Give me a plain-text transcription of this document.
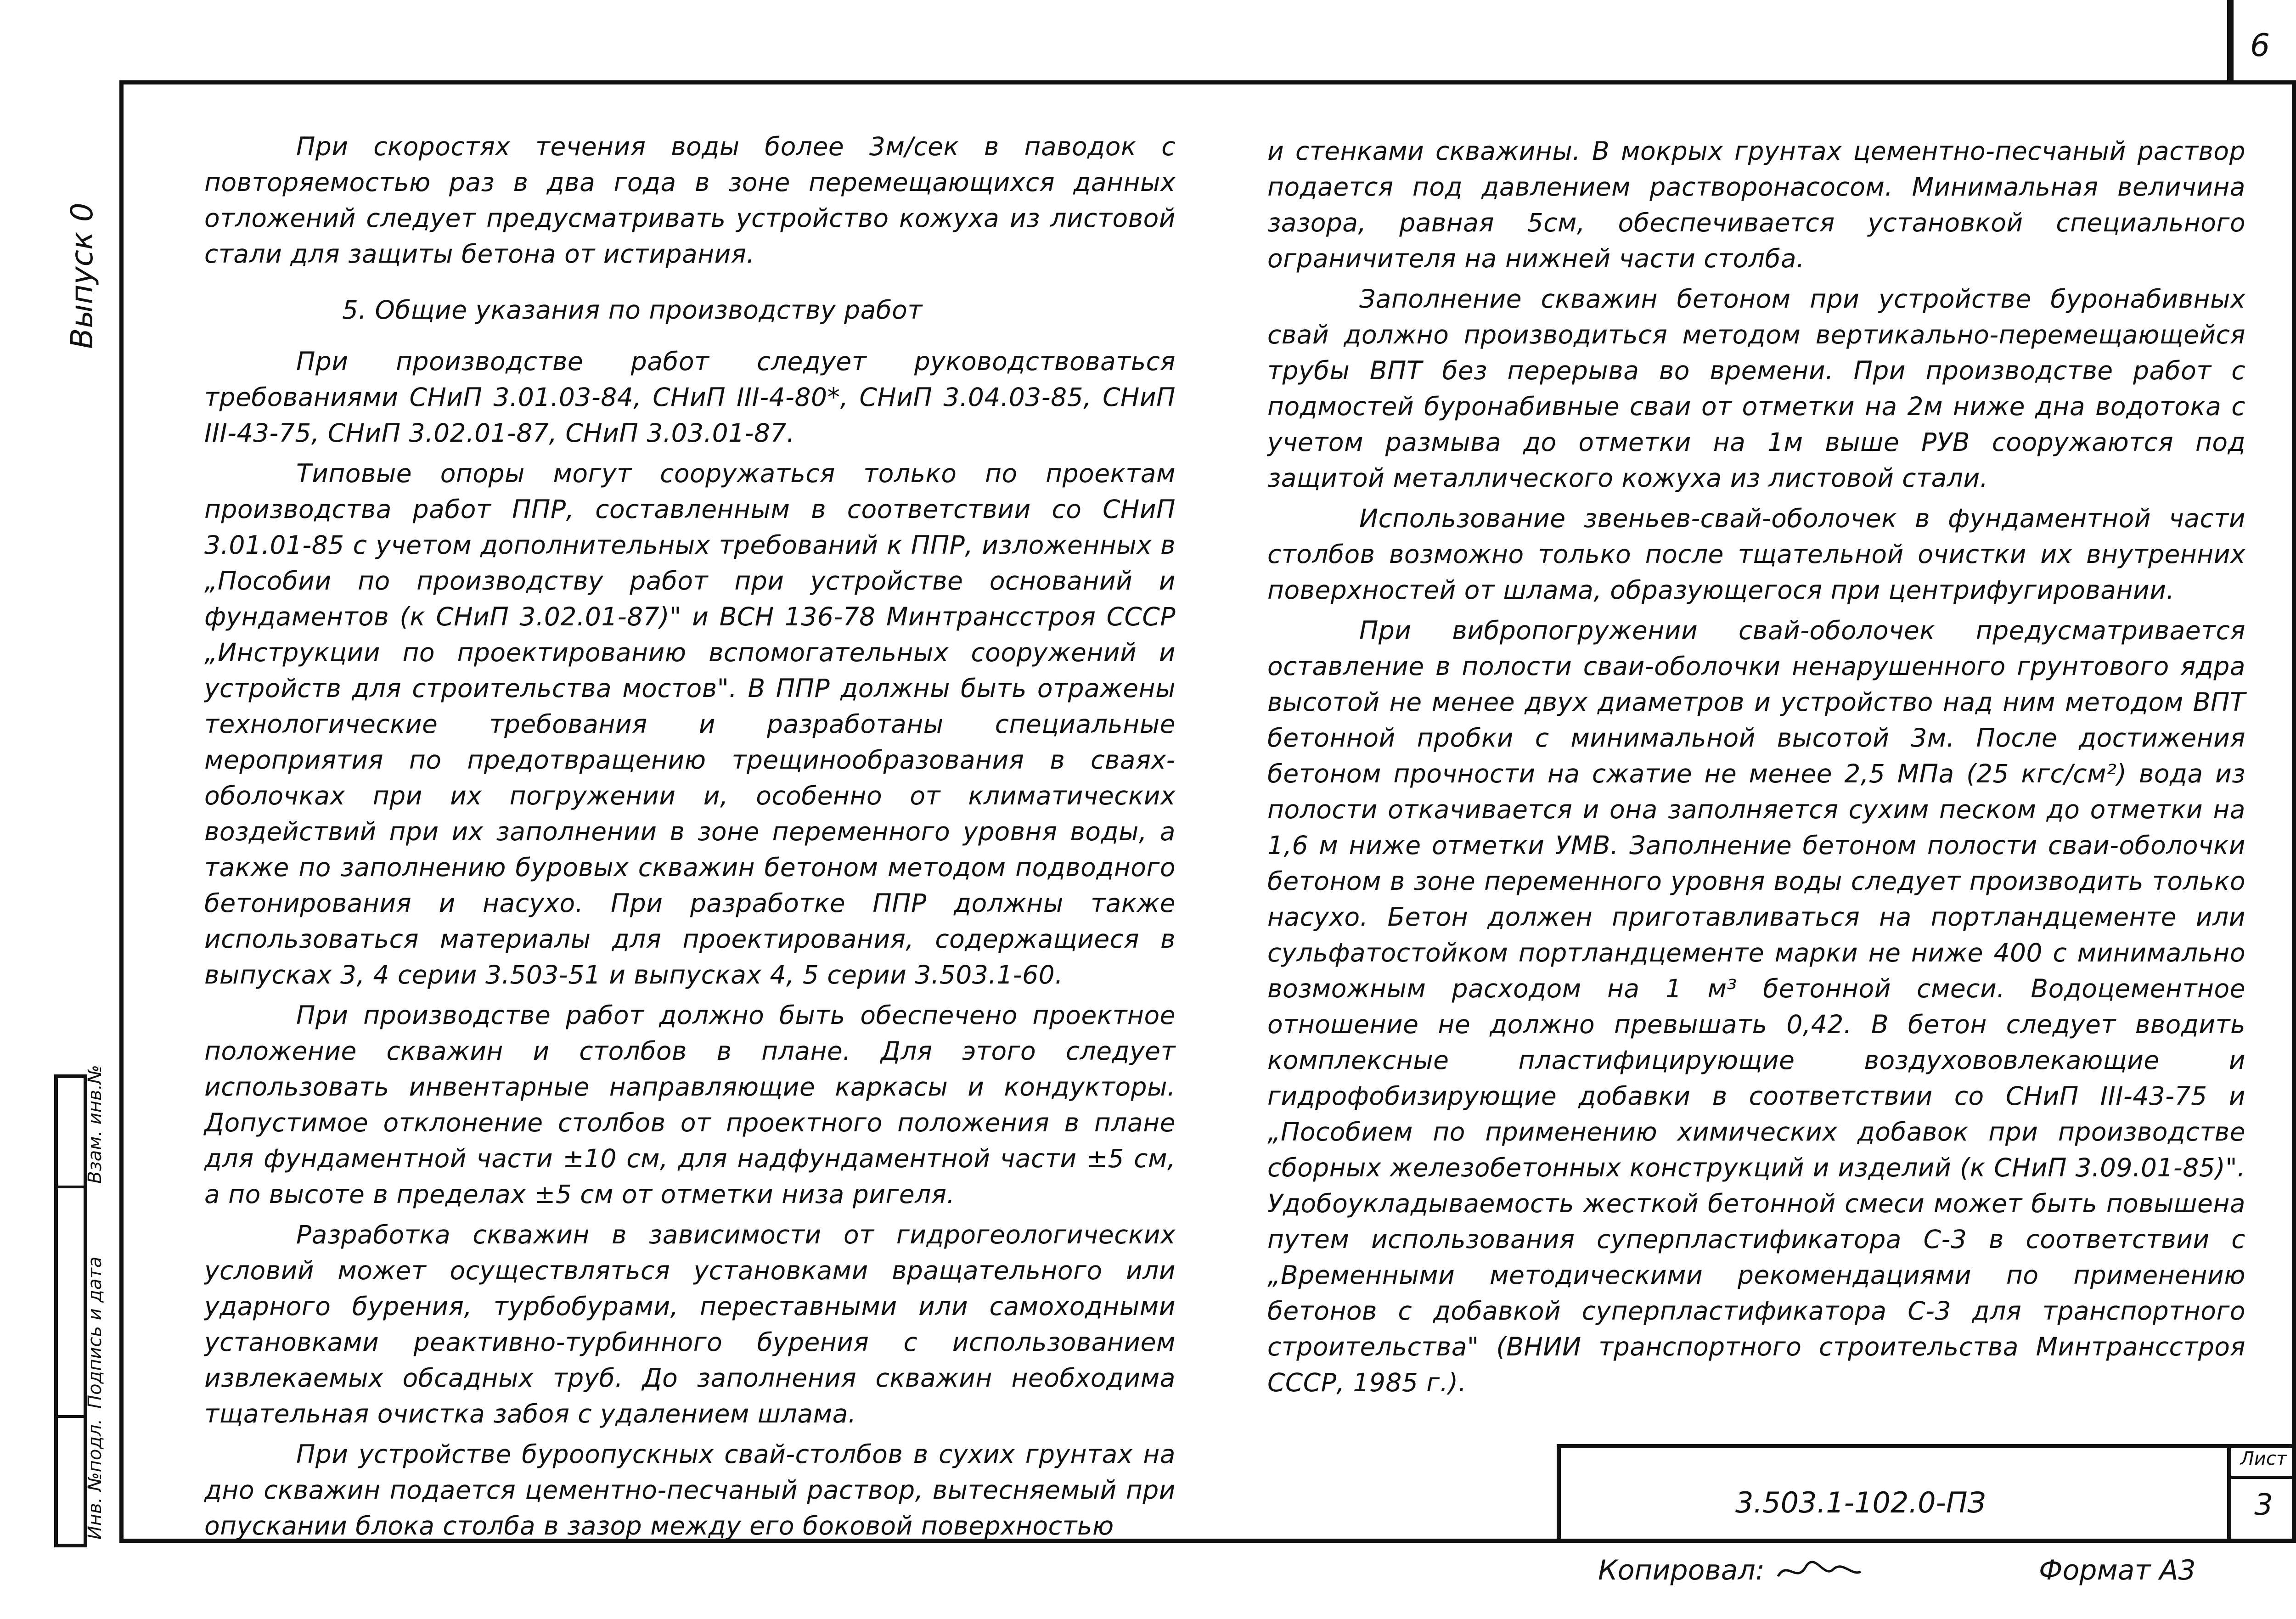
6
Выпуск 0
Взам. инв.№
Подпись и дата
Инв. №подл.

При скоростях течения воды более 3м/сек в паводок с повторяемостью раз в два года в зоне перемещающихся данных отложений следует предусматривать устройство кожуха из листовой стали для защиты бетона от истирания.

5. Общие указания по производству работ

При производстве работ следует руководствоваться требованиями СНиП 3.01.03-84, СНиП III-4-80*, СНиП 3.04.03-85, СНиП III-43-75, СНиП 3.02.01-87, СНиП 3.03.01-87.

Типовые опоры могут сооружаться только по проектам производства работ ППР, составленным в соответствии со СНиП 3.01.01-85 с учетом дополнительных требований к ППР, изложенных в „Пособии по производству работ при устройстве оснований и фундаментов (к СНиП 3.02.01-87)" и ВСН 136-78 Минтрансстроя СССР „Инструкции по проектированию вспомогательных сооружений и устройств для строительства мостов". В ППР должны быть отражены технологические требования и разработаны специальные мероприятия по предотвращению трещинообразования в сваях-оболочках при их погружении и, особенно от климатических воздействий при их заполнении в зоне переменного уровня воды, а также по заполнению буровых скважин бетоном методом подводного бетонирования и насухо. При разработке ППР должны также использоваться материалы для проектирования, содержащиеся в выпусках 3, 4 серии 3.503-51 и выпусках 4, 5 серии 3.503.1-60.

При производстве работ должно быть обеспечено проектное положение скважин и столбов в плане. Для этого следует использовать инвентарные направляющие каркасы и кондукторы. Допустимое отклонение столбов от проектного положения в плане для фундаментной части ±10 см, для надфундаментной части ±5 см, а по высоте в пределах ±5 см от отметки низа ригеля.

Разработка скважин в зависимости от гидрогеологических условий может осуществляться установками вращательного или ударного бурения, турбобурами, переставными или самоходными установками реактивно-турбинного бурения с использованием извлекаемых обсадных труб. До заполнения скважин необходима тщательная очистка забоя с удалением шлама.

При устройстве буроопускных свай-столбов в сухих грунтах на дно скважин подается цементно-песчаный раствор, вытесняемый при опускании блока столба в зазор между его боковой поверхностью

и стенками скважины. В мокрых грунтах цементно-песчаный раствор подается под давлением растворонасосом. Минимальная величина зазора, равная 5см, обеспечивается установкой специального ограничителя на нижней части столба.

Заполнение скважин бетоном при устройстве буронабивных свай должно производиться методом вертикально-перемещающейся трубы ВПТ без перерыва во времени. При производстве работ с подмостей буронабивные сваи от отметки на 2м ниже дна водотока с учетом размыва до отметки на 1м выше РУВ сооружаются под защитой металлического кожуха из листовой стали.

Использование звеньев-свай-оболочек в фундаментной части столбов возможно только после тщательной очистки их внутренних поверхностей от шлама, образующегося при центрифугировании.

При вибропогружении свай-оболочек предусматривается оставление в полости сваи-оболочки ненарушенного грунтового ядра высотой не менее двух диаметров и устройство над ним методом ВПТ бетонной пробки с минимальной высотой 3м. После достижения бетоном прочности на сжатие не менее 2,5 МПа (25 кгс/см²) вода из полости откачивается и она заполняется сухим песком до отметки на 1,6 м ниже отметки УМВ. Заполнение бетоном полости сваи-оболочки бетоном в зоне переменного уровня воды следует производить только насухо. Бетон должен приготавливаться на портландцементе или сульфатостойком портландцементе марки не ниже 400 с минимально возможным расходом на 1 м³ бетонной смеси. Водоцементное отношение не должно превышать 0,42. В бетон следует вводить комплексные пластифицирующие воздухововлекающие и гидрофобизирующие добавки в соответствии со СНиП III-43-75 и „Пособием по применению химических добавок при производстве сборных железобетонных конструкций и изделий (к СНиП 3.09.01-85)". Удобоукладываемость жесткой бетонной смеси может быть повышена путем использования суперпластификатора С-3 в соответствии с „Временными методическими рекомендациями по применению бетонов с добавкой суперпластификатора С-3 для транспортного строительства" (ВНИИ транспортного строительства Минтрансстроя СССР, 1985 г.).

3.503.1-102.0-ПЗ
Лист
3
Копировал:	Формат А3
